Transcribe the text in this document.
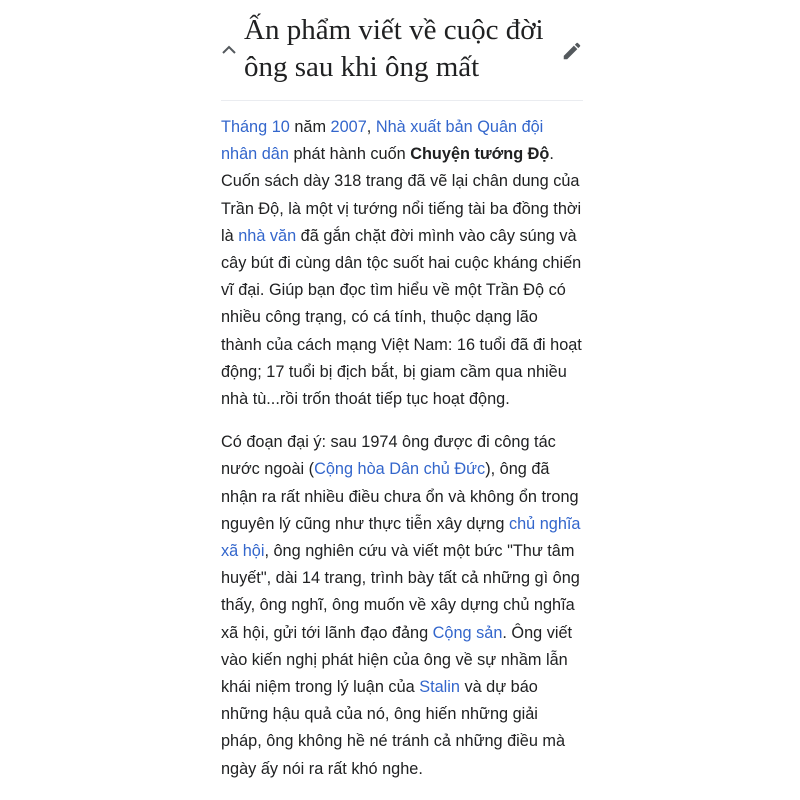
Ấn phẩm viết về cuộc đời ông sau khi ông mất

Tháng 10 năm 2007, Nhà xuất bản Quân đội nhân dân phát hành cuốn Chuyện tướng Độ. Cuốn sách dày 318 trang đã vẽ lại chân dung của Trần Độ, là một vị tướng nổi tiếng tài ba đồng thời là nhà văn đã gắn chặt đời mình vào cây súng và cây bút đi cùng dân tộc suốt hai cuộc kháng chiến vĩ đại. Giúp bạn đọc tìm hiểu về một Trần Độ có nhiều công trạng, có cá tính, thuộc dạng lão thành của cách mạng Việt Nam: 16 tuổi đã đi hoạt động; 17 tuổi bị địch bắt, bị giam cầm qua nhiều nhà tù...rồi trốn thoát tiếp tục hoạt động.

Có đoạn đại ý: sau 1974 ông được đi công tác nước ngoài (Cộng hòa Dân chủ Đức), ông đã nhận ra rất nhiều điều chưa ổn và không ổn trong nguyên lý cũng như thực tiễn xây dựng chủ nghĩa xã hội, ông nghiên cứu và viết một bức "Thư tâm huyết", dài 14 trang, trình bày tất cả những gì ông thấy, ông nghĩ, ông muốn về xây dựng chủ nghĩa xã hội, gửi tới lãnh đạo đảng Cộng sản. Ông viết vào kiến nghị phát hiện của ông về sự nhầm lẫn khái niệm trong lý luận của Stalin và dự báo những hậu quả của nó, ông hiến những giải pháp, ông không hề né tránh cả những điều mà ngày ấy nói ra rất khó nghe.
